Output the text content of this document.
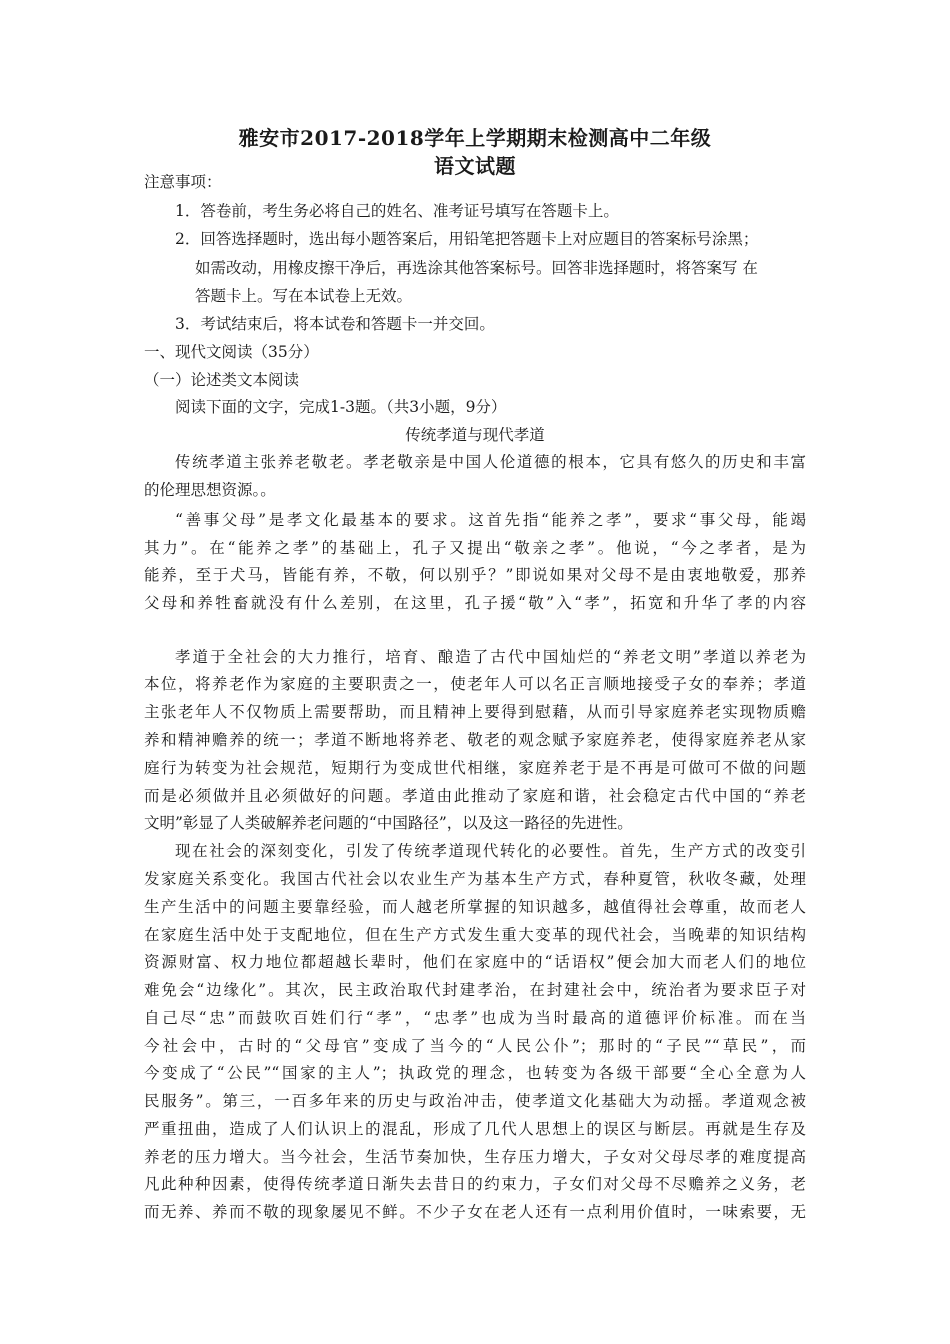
雅安市2017-2018学年上学期期末检测高中二年级
语文试题
注意事项：
1．答卷前，考生务必将自己的姓名、准考证号填写在答题卡上。
2．回答选择题时，选出每小题答案后，用铅笔把答题卡上对应题目的答案标号涂黑；
如需改动，用橡皮擦干净后，再选涂其他答案标号。回答非选择题时，将答案写 在
答题卡上。写在本试卷上无效。
3．考试结束后，将本试卷和答题卡一并交回。
一、现代文阅读（35分）
（一）论述类文本阅读
阅读下面的文字，完成1-3题。（共3小题，9分）
传统孝道与现代孝道
传统孝道主张养老敬老。孝老敬亲是中国人伦道德的根本，它具有悠久的历史和丰富
的伦理思想资源。。
“善事父母”是孝文化最基本的要求。这首先指“能养之孝”，要求“事父母，能竭
其力”。在“能养之孝”的基础上，孔子又提出“敬亲之孝”。他说，“今之孝者，是为
能养，至于犬马，皆能有养，不敬，何以别乎？”即说如果对父母不是由衷地敬爱，那养
父母和养牲畜就没有什么差别，在这里，孔子援“敬”入“孝”，拓宽和升华了孝的内容
孝道于全社会的大力推行，培育、酿造了古代中国灿烂的“养老文明”孝道以养老为
本位，将养老作为家庭的主要职责之一，使老年人可以名正言顺地接受子女的奉养；孝道
主张老年人不仅物质上需要帮助，而且精神上要得到慰藉，从而引导家庭养老实现物质赡
养和精神赡养的统一；孝道不断地将养老、敬老的观念赋予家庭养老，使得家庭养老从家
庭行为转变为社会规范，短期行为变成世代相继，家庭养老于是不再是可做可不做的问题
而是必须做并且必须做好的问题。孝道由此推动了家庭和谐，社会稳定古代中国的“养老
文明”彰显了人类破解养老问题的“中国路径”，以及这一路径的先进性。
现在社会的深刻变化，引发了传统孝道现代转化的必要性。首先，生产方式的改变引
发家庭关系变化。我国古代社会以农业生产为基本生产方式，春种夏管，秋收冬藏，处理
生产生活中的问题主要靠经验，而人越老所掌握的知识越多，越值得社会尊重，故而老人
在家庭生活中处于支配地位，但在生产方式发生重大变革的现代社会，当晚辈的知识结构
资源财富、权力地位都超越长辈时，他们在家庭中的“话语权”便会加大而老人们的地位
难免会“边缘化”。其次，民主政治取代封建孝治，在封建社会中，统治者为要求臣子对
自己尽“忠”而鼓吹百姓们行“孝”，“忠孝”也成为当时最高的道德评价标准。而在当
今社会中，古时的“父母官”变成了当今的“人民公仆”；那时的“子民”“草民”，而
今变成了“公民”“国家的主人”；执政党的理念，也转变为各级干部要“全心全意为人
民服务”。第三，一百多年来的历史与政治冲击，使孝道文化基础大为动摇。孝道观念被
严重扭曲，造成了人们认识上的混乱，形成了几代人思想上的误区与断层。再就是生存及
养老的压力增大。当今社会，生活节奏加快，生存压力增大，子女对父母尽孝的难度提高
凡此种种因素，使得传统孝道日渐失去昔日的约束力，子女们对父母不尽赡养之义务，老
而无养、养而不敬的现象屡见不鲜。不少子女在老人还有一点利用价值时，一味索要，无
